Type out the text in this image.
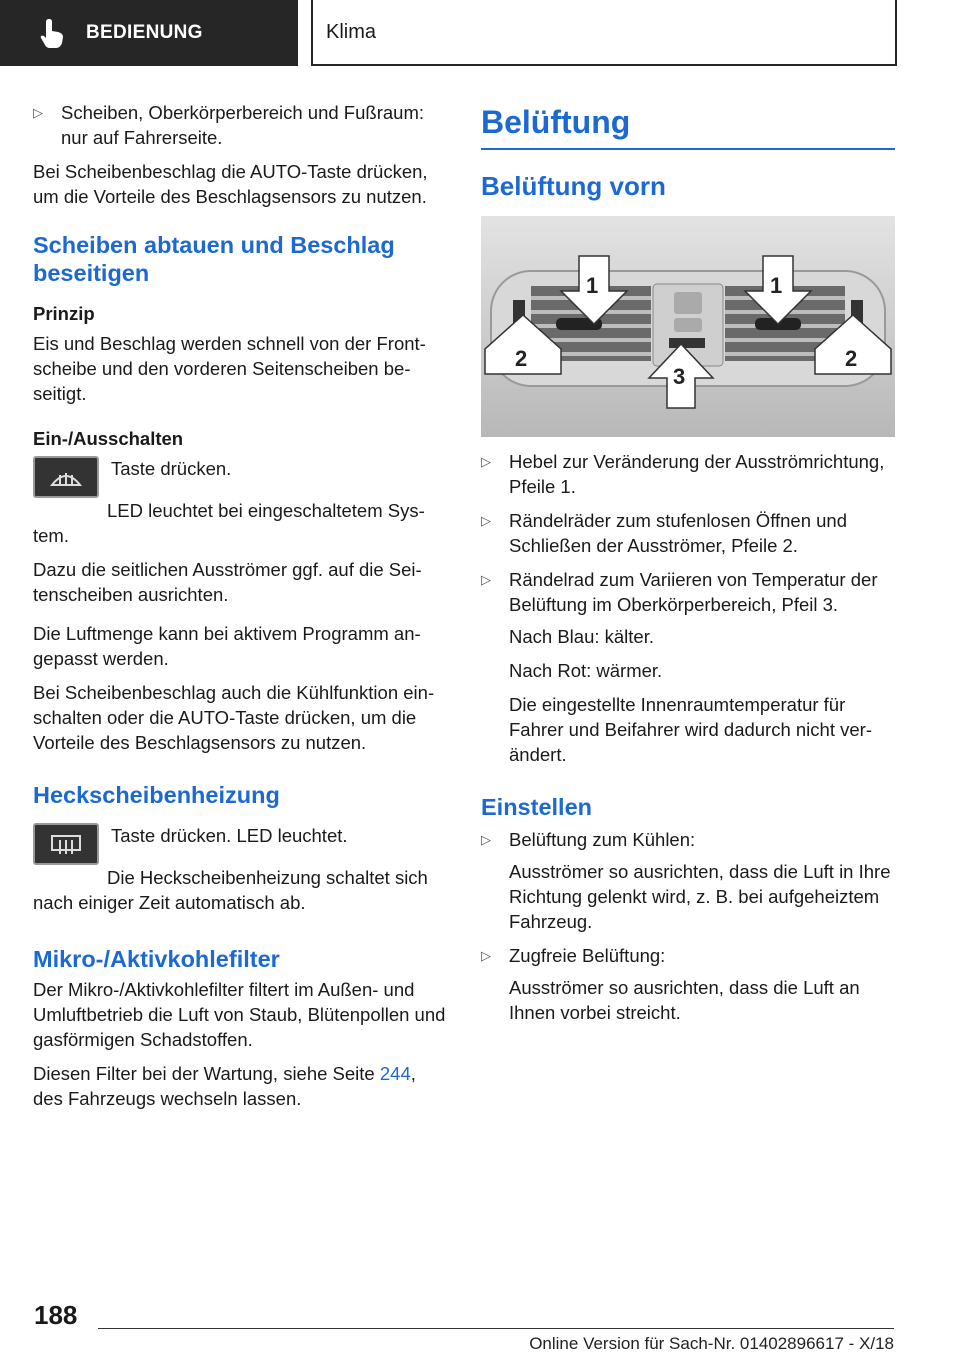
BEDIENUNG	Klima
▷ Scheiben, Oberkörperbereich und Fußraum: nur auf Fahrerseite.

Bei Scheibenbeschlag die AUTO‑Taste drücken, um die Vorteile des Beschlagsensors zu nutzen.

Scheiben abtauen und Beschlag beseitigen
Prinzip

Eis und Beschlag werden schnell von der Frontscheibe und den vorderen Seitenscheiben beseitigt.

Ein-/Ausschalten

Taste drücken.

LED leuchtet bei eingeschaltetem System.

Dazu die seitlichen Ausströmer ggf. auf die Seitenscheiben ausrichten.

Die Luftmenge kann bei aktivem Programm angepasst werden.

Bei Scheibenbeschlag auch die Kühlfunktion einschalten oder die AUTO‑Taste drücken, um die Vorteile des Beschlagsensors zu nutzen.

Heckscheibenheizung

Taste drücken. LED leuchtet.

Die Heckscheibenheizung schaltet sich nach einiger Zeit automatisch ab.

Mikro-/Aktivkohlefilter

Der Mikro-/Aktivkohlefilter filtert im Außen- und Umluftbetrieb die Luft von Staub, Blütenpollen und gasförmigen Schadstoffen.

Diesen Filter bei der Wartung, siehe Seite 244, des Fahrzeugs wechseln lassen.

Belüftung
Belüftung vorn
1	1
2	2
3
▷ Hebel zur Veränderung der Ausströmrichtung, Pfeile 1.
▷ Rändelräder zum stufenlosen Öffnen und Schließen der Ausströmer, Pfeile 2.
▷ Rändelrad zum Variieren von Temperatur der Belüftung im Oberkörperbereich, Pfeil 3.

Nach Blau: kälter.

Nach Rot: wärmer.

Die eingestellte Innenraumtemperatur für Fahrer und Beifahrer wird dadurch nicht verändert.

Einstellen
▷ Belüftung zum Kühlen:

Ausströmer so ausrichten, dass die Luft in Ihre Richtung gelenkt wird, z. B. bei aufgeheiztem Fahrzeug.

▷ Zugfreie Belüftung:

Ausströmer so ausrichten, dass die Luft an Ihnen vorbei streicht.

188
Online Version für Sach-Nr. 01402896617 - X/18
